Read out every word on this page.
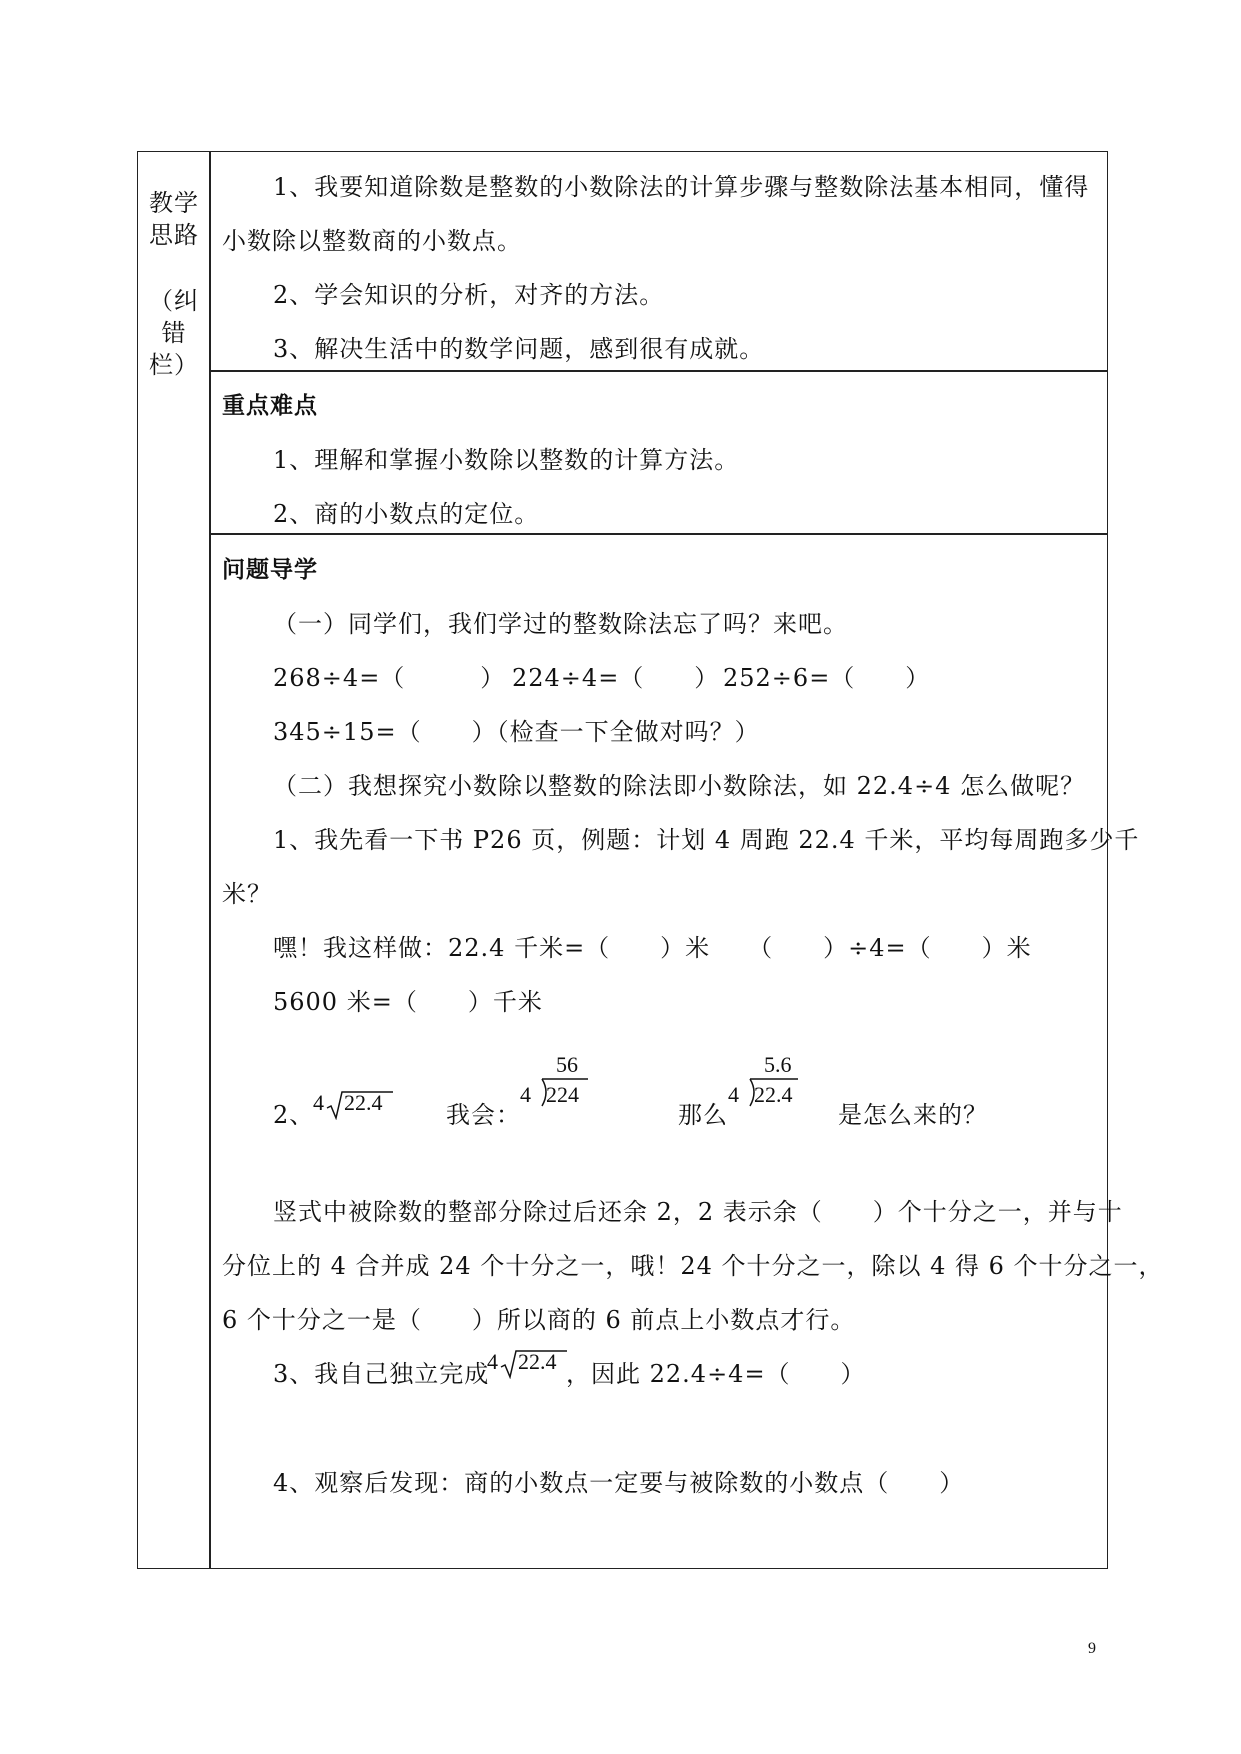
教学
思路
（纠
错
栏）
1、我要知道除数是整数的小数除法的计算步骤与整数除法基本相同，懂得
小数除以整数商的小数点。
2、学会知识的分析，对齐的方法。
3、解决生活中的数学问题，感到很有成就。
重点难点
1、理解和掌握小数除以整数的计算方法。
2、商的小数点的定位。
问题导学
（一）同学们，我们学过的整数除法忘了吗？来吧。
268÷4=（　　　） 224÷4=（　　） 252÷6=（　　）
345÷15=（　　）（检查一下全做对吗？）
（二）我想探究小数除以整数的除法即小数除法，如 22.4÷4 怎么做呢？
1、我先看一下书 P26 页，例题：计划 4 周跑 22.4 千米，平均每周跑多少千
米？
嘿！我这样做：22.4 千米=（　　）米　　（　　）÷4=（　　）米
5600 米=（　　）千米
2、
4 22.4	我会：
56
4 224
那么
5.6
4 22.4
是怎么来的？
竖式中被除数的整部分除过后还余 2，2 表示余（　　）个十分之一，并与十
分位上的 4 合并成 24 个十分之一，哦！24 个十分之一，除以 4 得 6 个十分之一，
6 个十分之一是（　　）所以商的 6 前点上小数点才行。
3、我自己独立完成
4 22.4 ，因此 22.4÷4=（　　）
4、观察后发现：商的小数点一定要与被除数的小数点（　　）
9
